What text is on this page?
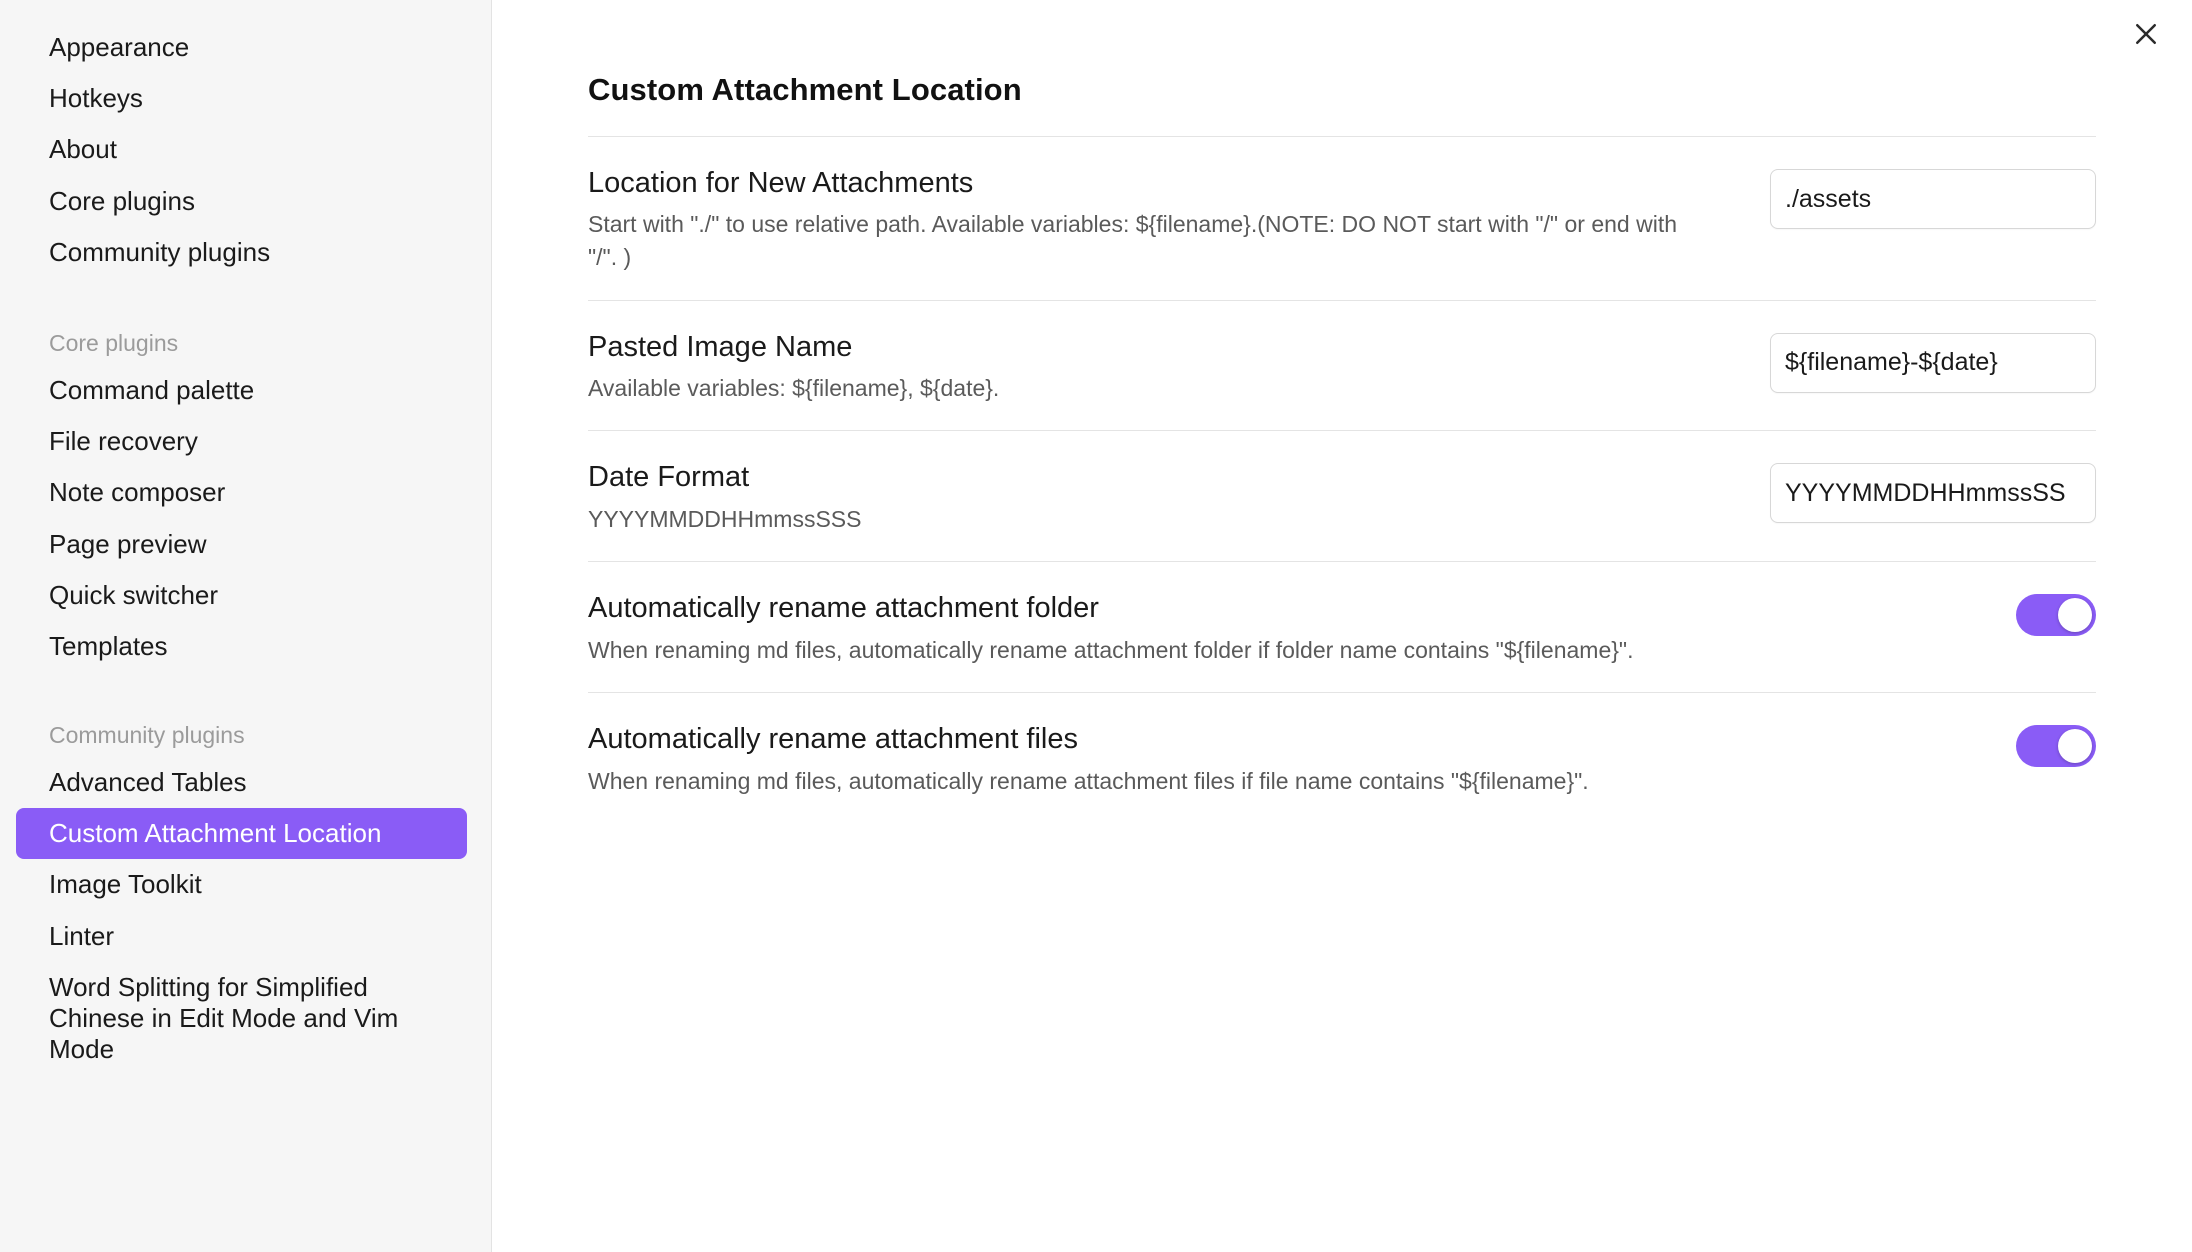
Appearance
Hotkeys
About
Core plugins
Community plugins
Core plugins
Command palette
File recovery
Note composer
Page preview
Quick switcher
Templates
Community plugins
Advanced Tables
Custom Attachment Location
Image Toolkit
Linter
Word Splitting for Simplified Chinese in Edit Mode and Vim Mode
Custom Attachment Location
Location for New Attachments
Start with "./" to use relative path. Available variables: ${filename}.(NOTE: DO NOT start with "/" or end with "/". )
./assets
Pasted Image Name
Available variables: ${filename}, ${date}.
${filename}-${date}
Date Format
YYYYMMDDHHmmssSSS
YYYYMMDDHHmmssSS
Automatically rename attachment folder
When renaming md files, automatically rename attachment folder if folder name contains "${filename}".
Automatically rename attachment files
When renaming md files, automatically rename attachment files if file name contains "${filename}".
